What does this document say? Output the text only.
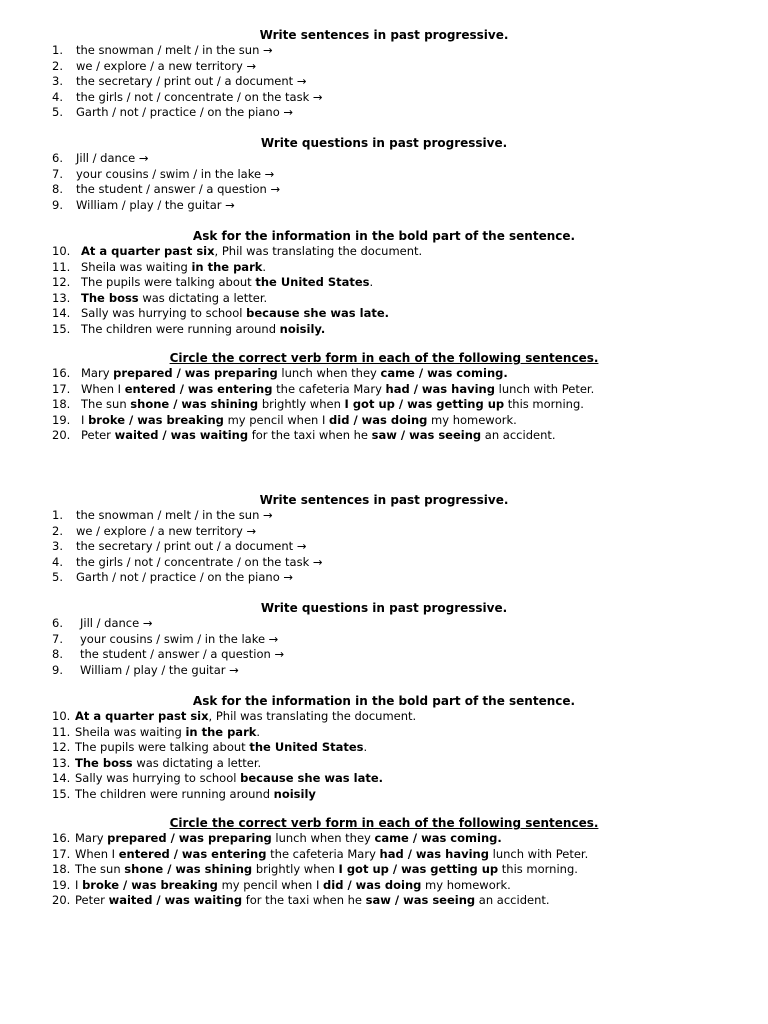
Write sentences in past progressive.
1. the snowman / melt / in the sun →
2. we / explore / a new territory →
3. the secretary / print out / a document →
4. the girls / not / concentrate / on the task →
5. Garth / not / practice / on the piano →
Write questions in past progressive.
6. Jill / dance →
7. your cousins / swim / in the lake →
8. the student / answer / a question →
9. William / play / the guitar →
Ask for the information in the bold part of the sentence.
10. At a quarter past six, Phil was translating the document.
11. Sheila was waiting in the park.
12. The pupils were talking about the United States.
13. The boss was dictating a letter.
14. Sally was hurrying to school because she was late.
15. The children were running around noisily.
Circle the correct verb form in each of the following sentences.
16. Mary prepared / was preparing lunch when they came / was coming.
17. When I entered / was entering the cafeteria Mary had / was having lunch with Peter.
18. The sun shone / was shining brightly when I got up / was getting up this morning.
19. I broke / was breaking my pencil when I did / was doing my homework.
20. Peter waited / was waiting for the taxi when he saw / was seeing an accident.
Write sentences in past progressive.
1. the snowman / melt / in the sun →
2. we / explore / a new territory →
3. the secretary / print out / a document →
4. the girls / not / concentrate / on the task →
5. Garth / not / practice / on the piano →
Write questions in past progressive.
6. Jill / dance →
7. your cousins / swim / in the lake →
8. the student / answer / a question →
9. William / play / the guitar →
Ask for the information in the bold part of the sentence.
10. At a quarter past six, Phil was translating the document.
11. Sheila was waiting in the park.
12. The pupils were talking about the United States.
13. The boss was dictating a letter.
14. Sally was hurrying to school because she was late.
15. The children were running around noisily
Circle the correct verb form in each of the following sentences.
16. Mary prepared / was preparing lunch when they came / was coming.
17. When I entered / was entering the cafeteria Mary had / was having lunch with Peter.
18. The sun shone / was shining brightly when I got up / was getting up this morning.
19. I broke / was breaking my pencil when I did / was doing my homework.
20. Peter waited / was waiting for the taxi when he saw / was seeing an accident.
